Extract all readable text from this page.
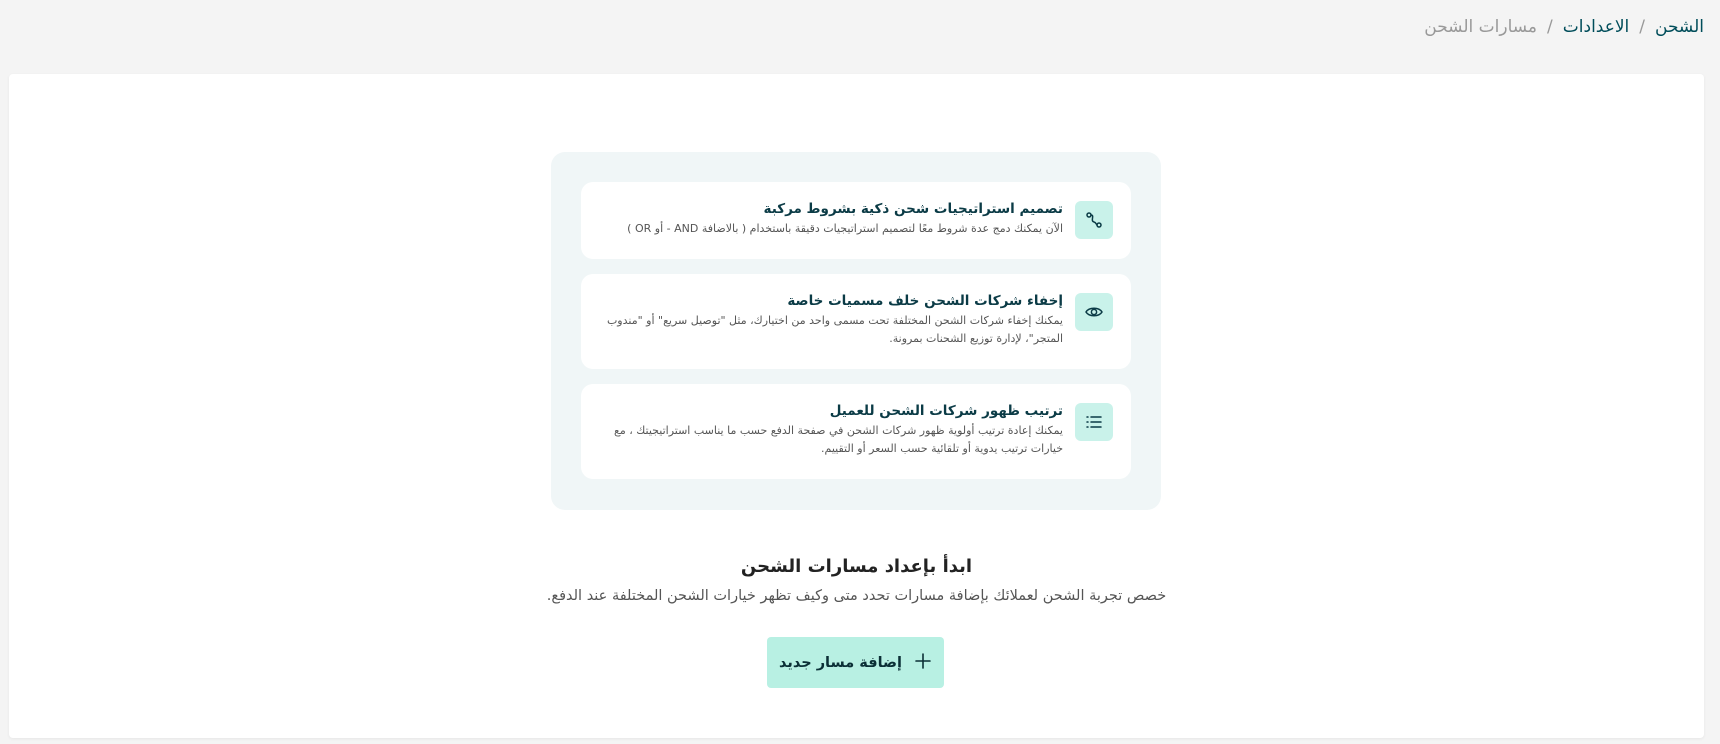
الشحن
/
الاعدادات
/
مسارات الشحن
تصميم استراتيجيات شحن ذكية بشروط مركبة
الآن يمكنك دمج عدة شروط معًا لتصميم استراتيجيات دقيقة باستخدام ( بالاضافة AND - أو OR )
إخفاء شركات الشحن خلف مسميات خاصة
يمكنك إخفاء شركات الشحن المختلفة تحت مسمى واحد من اختيارك، مثل "توصيل سريع" أو "مندوب المتجر"، لإدارة توزيع الشحنات بمرونة.
ترتيب ظهور شركات الشحن للعميل
يمكنك إعادة ترتيب أولوية ظهور شركات الشحن في صفحة الدفع حسب ما يناسب استراتيجيتك ، مع خيارات ترتيب يدوية أو تلقائية حسب السعر أو التقييم.
ابدأ بإعداد مسارات الشحن

خصص تجربة الشحن لعملائك بإضافة مسارات تحدد متى وكيف تظهر خيارات الشحن المختلفة عند الدفع.

إضافة مسار جديد
